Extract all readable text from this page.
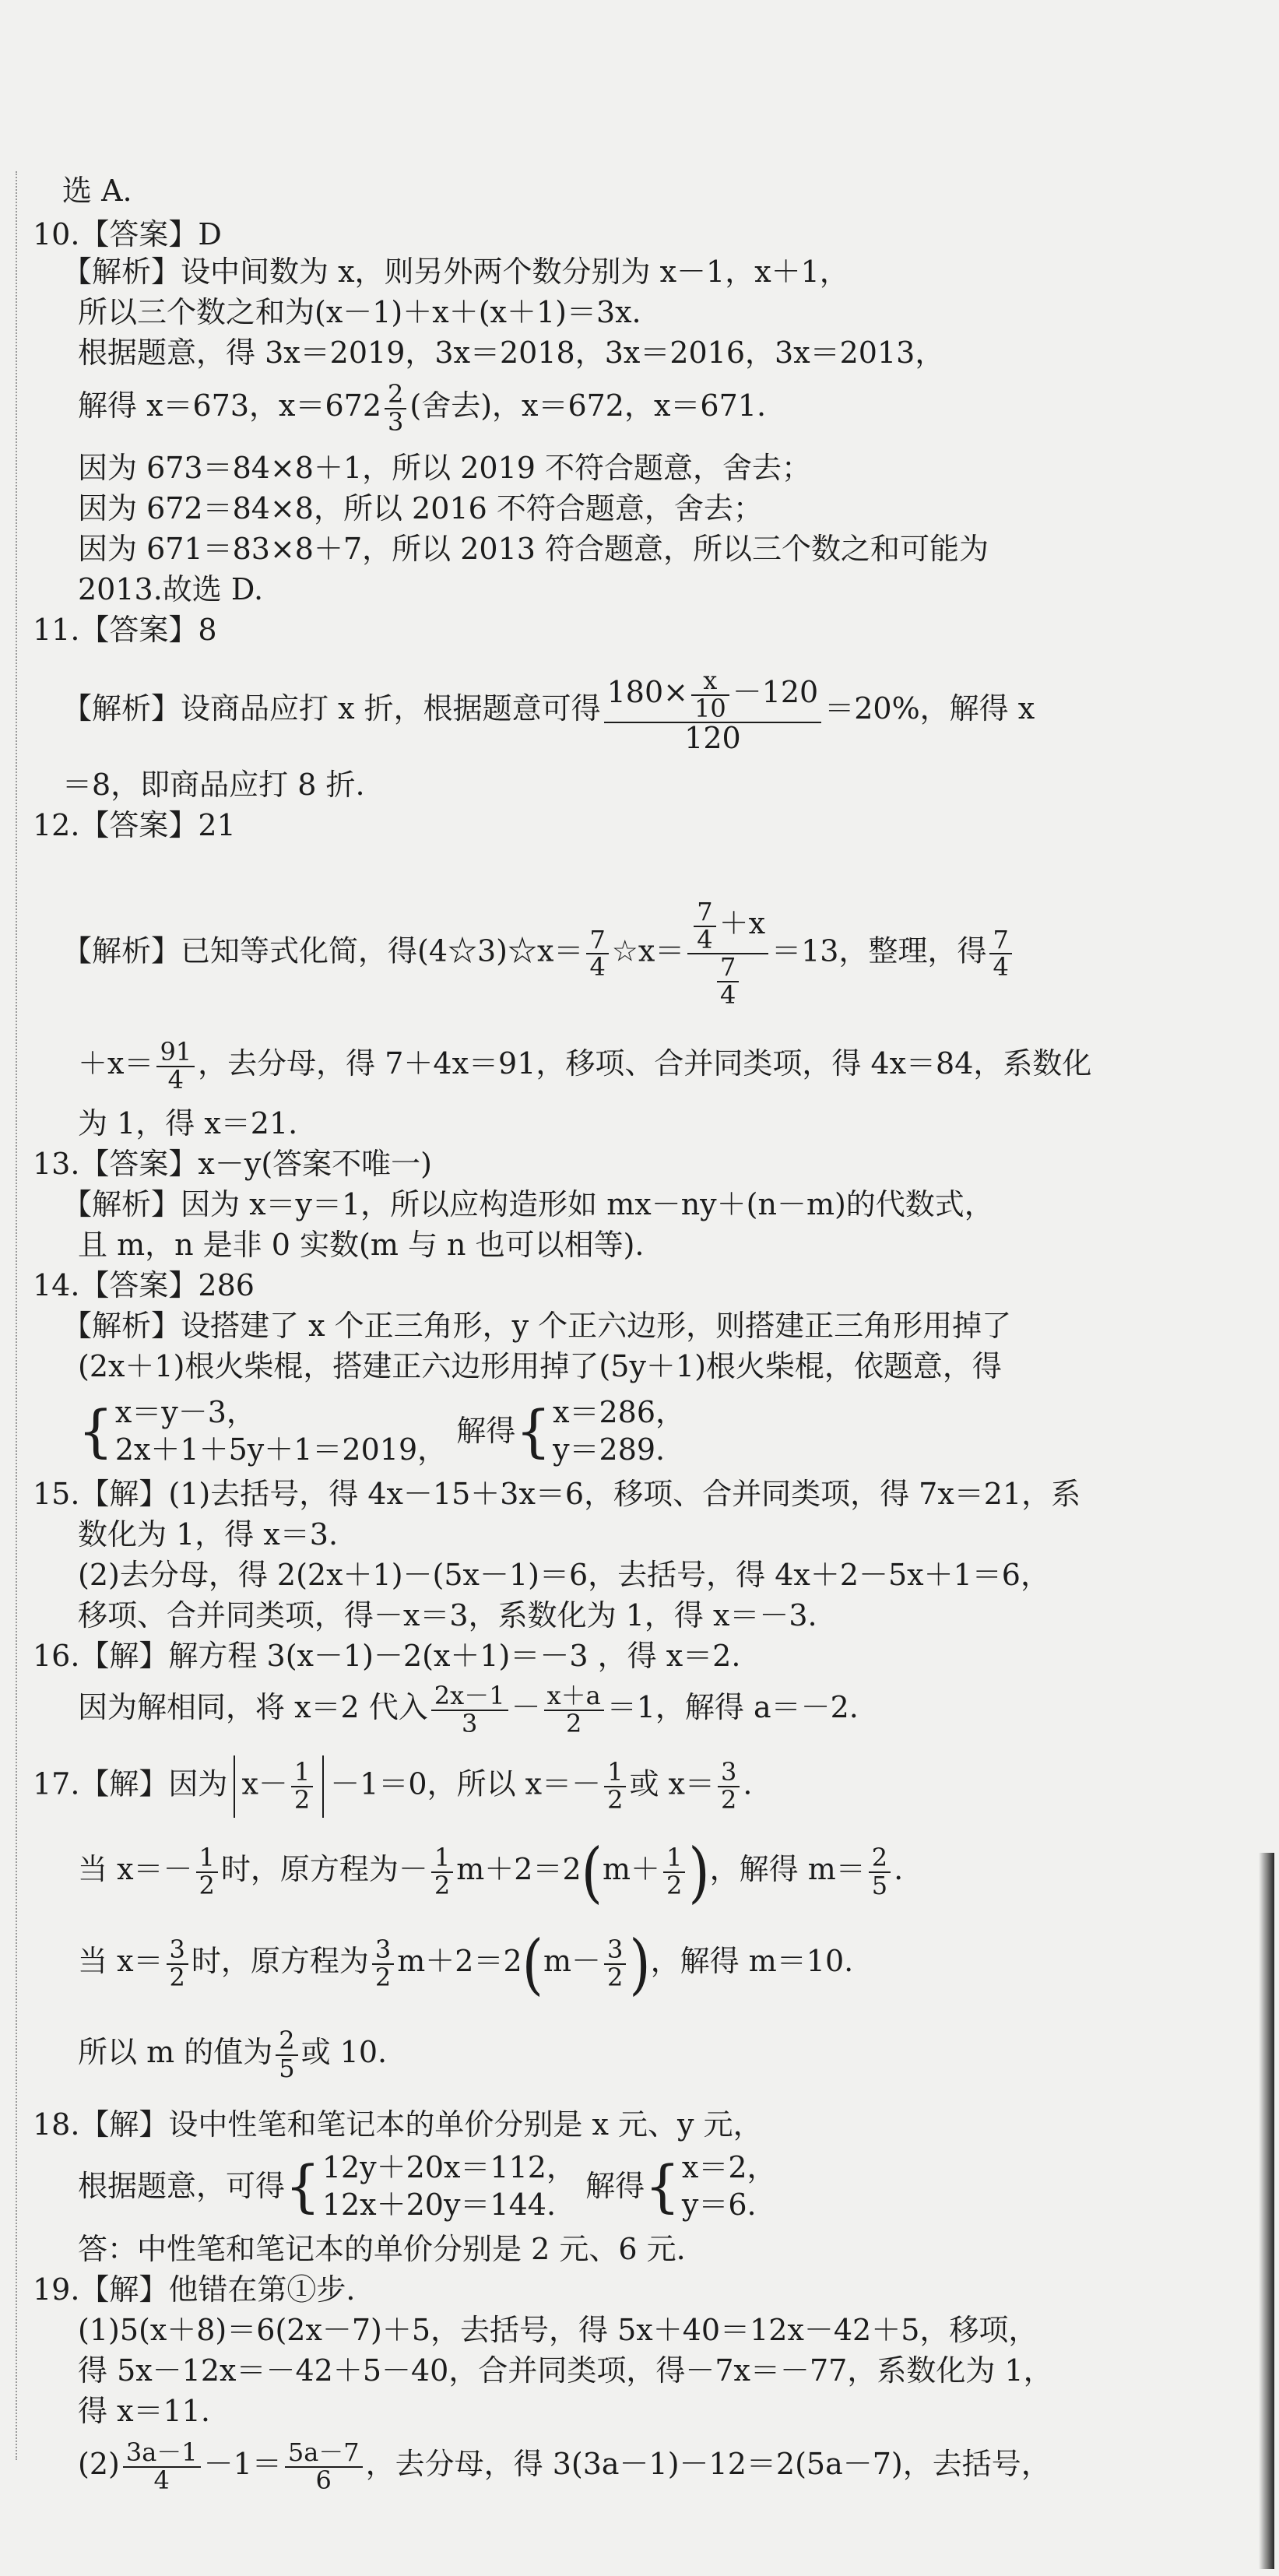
选 A.
10.【答案】D
【解析】设中间数为 x，则另外两个数分别为 x－1，x＋1，
所以三个数之和为(x－1)＋x＋(x＋1)＝3x.
根据题意，得 3x＝2019，3x＝2018，3x＝2016，3x＝2013，
解得 x＝673，$x=672 \frac{2}{3}$ (舍去)，x＝672，x＝671.
因为 673＝84×8＋1，所以 2019 不符合题意，舍去；
因为 672＝84×8，所以 2016 不符合题意，舍去；
因为 671＝83×8＋7，所以 2013 符合题意，所以三个数之和可能为
2013.故选 D.
11.【答案】8
【解析】设商品应打 x 折，根据题意可得 $\frac{180\times \frac{x}{10} -120}{120} =20\%$，解得 x
＝8，即商品应打 8 折.
12.【答案】21
【解析】已知等式化简，得(4☆3)☆x＝ $\frac{7}{4}$ ☆x＝ $\frac{\frac{7}{4} +x}{\frac{7}{4}} =13$，整理，得 $\frac{7}{4}$
$+x= \frac{91}{4}$ ，去分母，得 7＋4x＝91，移项、合并同类项，得 4x＝84，系数化
为 1，得 x＝21.
13.【答案】x－y(答案不唯一)
【解析】因为 x＝y＝1，所以应构造形如 mx－ny＋(n－m)的代数式，
且 m，n 是非 0 实数(m 与 n 也可以相等).
14.【答案】286
【解析】设搭建了 x 个正三角形，y 个正六边形，则搭建正三角形用掉了
(2x＋1)根火柴棍，搭建正六边形用掉了(5y＋1)根火柴棍，依题意，得
{ x＝y－3，
2x＋1＋5y＋1＝2019，
解得{ x＝286，
y＝289.
15.【解】(1)去括号，得 4x－15＋3x＝6，移项、合并同类项，得 7x＝21，系
数化为 1，得 x＝3.
(2)去分母，得 2(2x＋1)－(5x－1)＝6，去括号，得 4x＋2－5x＋1＝6，
移项、合并同类项，得－x＝3，系数化为 1，得 x＝－3.
16.【解】解方程 3(x－1)－2(x＋1)＝－3 ，得 x＝2.
因为解相同，将 x＝2 代入 $\frac{2x-1}{3} - \frac{x+a}{2} =1$，解得 a＝－2.
17.【解】因为 $x- \frac{1}{2} -1=0$，所以 $x=- \frac{1}{2}$ 或 $x= \frac{3}{2}$ .
当 $x=- \frac{1}{2}$ 时，原方程为－ $\frac{1}{2} m+2=2(m+ \frac{1}{2}$ )，解得 $m= \frac{2}{5}$ .
当 $x= \frac{3}{2}$ 时，原方程为 $\frac{3}{2} m+2=2(m- \frac{3}{2}$ )，解得 m＝10.
所以 m 的值为 $\frac{2}{5}$ 或 10.
18.【解】设中性笔和笔记本的单价分别是 x 元、y 元，
根据题意，可得{ 12y＋20x＝112，
12x＋20y＝144.
解得{ x＝2，
y＝6.
答：中性笔和笔记本的单价分别是 2 元、6 元.
19.【解】他错在第①步.
(1)5(x＋8)＝6(2x－7)＋5，去括号，得 5x＋40＝12x－42＋5，移项，
得 5x－12x＝－42＋5－40，合并同类项，得－7x＝－77，系数化为 1，
得 x＝11.
$(2) \frac{3a-1}{4} -1= \frac{5a-7}{6}$ ，去分母，得 3(3a－1)－12＝2(5a－7)，去括号，
